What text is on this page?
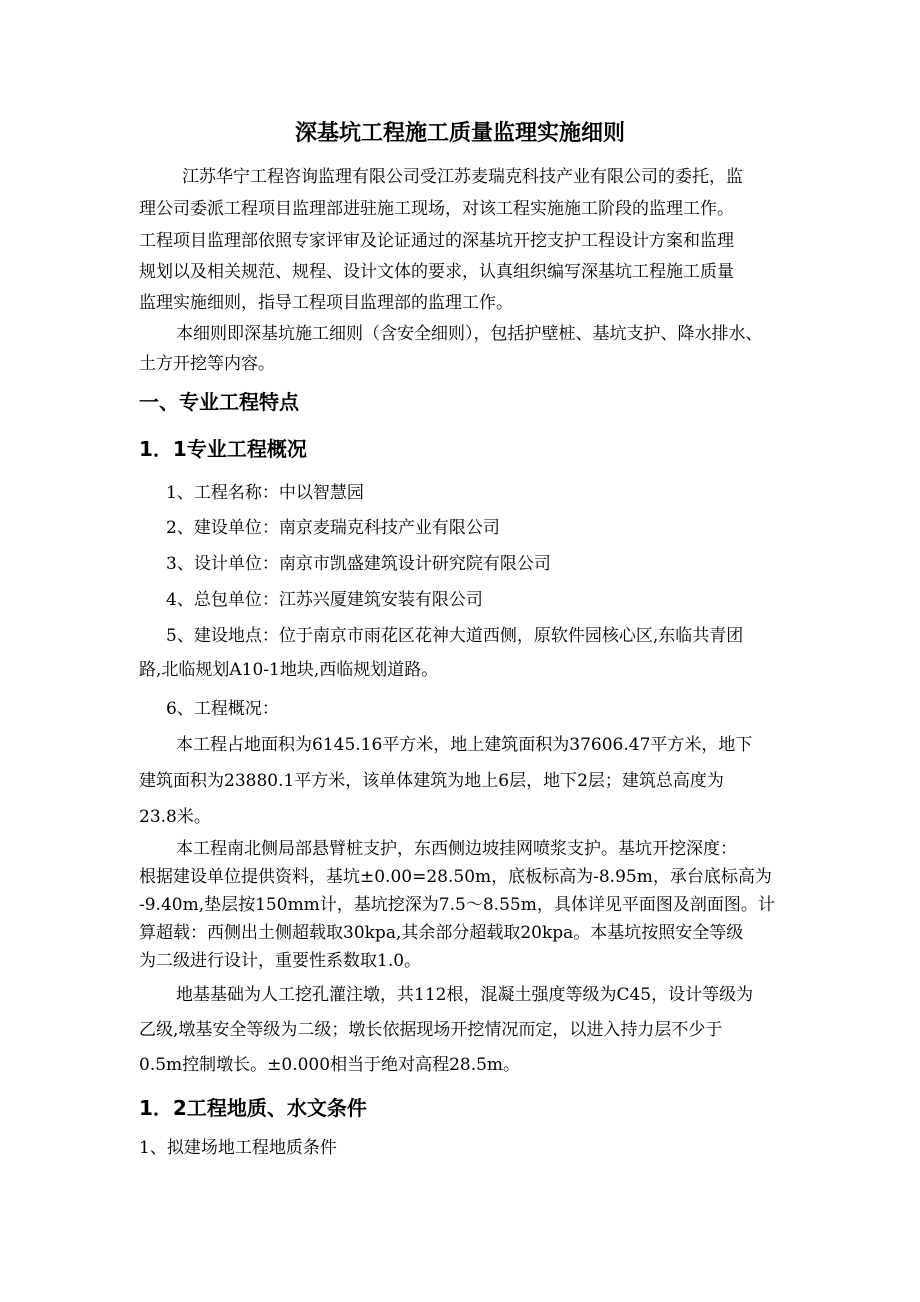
深基坑工程施工质量监理实施细则
江苏华宁工程咨询监理有限公司受江苏麦瑞克科技产业有限公司的委托，监
理公司委派工程项目监理部进驻施工现场，对该工程实施施工阶段的监理工作。
工程项目监理部依照专家评审及论证通过的深基坑开挖支护工程设计方案和监理
规划以及相关规范、规程、设计文体的要求，认真组织编写深基坑工程施工质量
监理实施细则，指导工程项目监理部的监理工作。
本细则即深基坑施工细则（含安全细则），包括护壁桩、基坑支护、降水排水、
土方开挖等内容。
一、专业工程特点
1．1专业工程概况
1、工程名称：中以智慧园
2、建设单位：南京麦瑞克科技产业有限公司
3、设计单位：南京市凯盛建筑设计研究院有限公司
4、总包单位：江苏兴厦建筑安装有限公司
5、建设地点：位于南京市雨花区花神大道西侧，原软件园核心区,东临共青团
路,北临规划A10-1地块,西临规划道路。
6、工程概况：
本工程占地面积为6145.16平方米，地上建筑面积为37606.47平方米，地下
建筑面积为23880.1平方米，该单体建筑为地上6层，地下2层；建筑总高度为
23.8米。
本工程南北侧局部悬臂桩支护，东西侧边坡挂网喷浆支护。基坑开挖深度：
根据建设单位提供资料，基坑±0.00=28.50m，底板标高为-8.95m，承台底标高为
-9.40m,垫层按150mm计，基坑挖深为7.5～8.55m，具体详见平面图及剖面图。计
算超载：西侧出土侧超载取30kpa,其余部分超载取20kpa。本基坑按照安全等级
为二级进行设计，重要性系数取1.0。
地基基础为人工挖孔灌注墩，共112根，混凝土强度等级为C45，设计等级为
乙级,墩基安全等级为二级；墩长依据现场开挖情况而定，以进入持力层不少于
0.5m控制墩长。±0.000相当于绝对高程28.5m。
1．2工程地质、水文条件
1、拟建场地工程地质条件
